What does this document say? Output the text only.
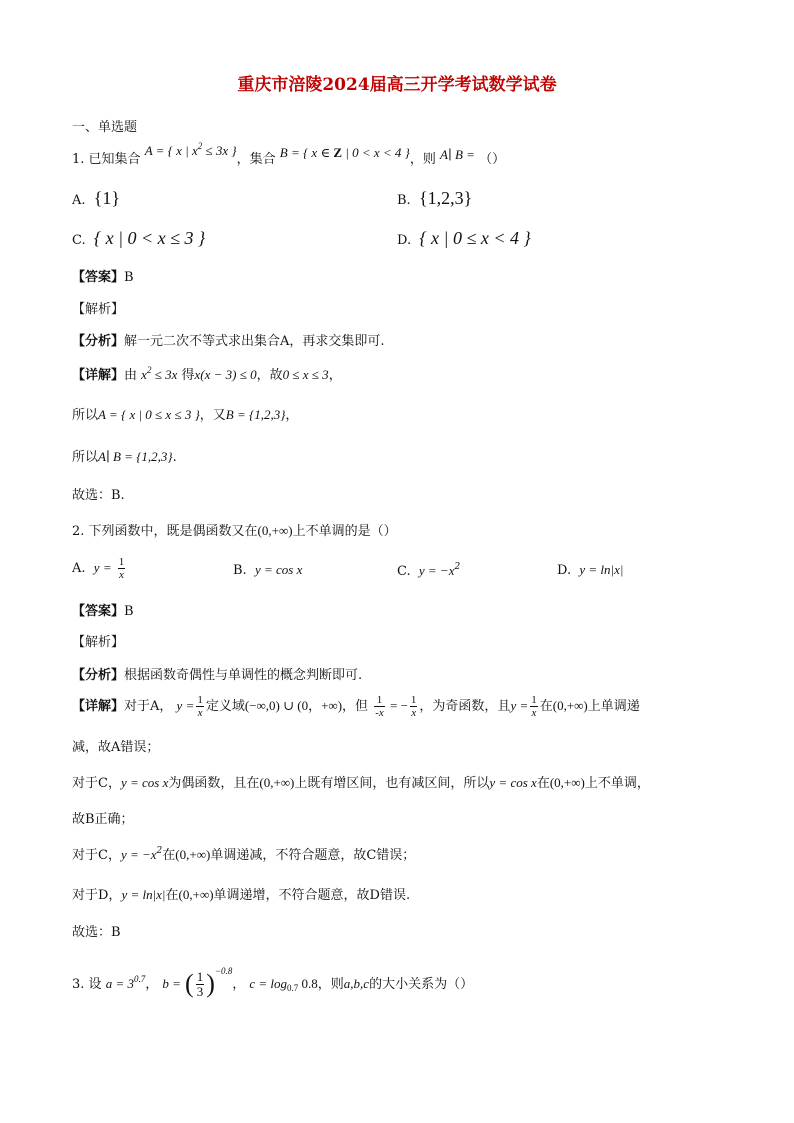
重庆市涪陵2024届高三开学考试数学试卷
一、单选题
1. 已知集合 A = { x | $x^2 \le 3x$ }，集合 B = { x ∈ Z | 0 < x < 4 }，则 A∣ B = （）
A. {1}	B. {1,2,3}
C. { x | 0 < x ≤ 3 }	D. { x | 0 ≤ x < 4 }
【答案】B
【解析】
【分析】解一元二次不等式求出集合A，再求交集即可.
【详解】由 $x^2 \le 3x$ 得x(x − 3) ≤ 0，故0 ≤ x ≤ 3，
所以A = { x | 0 ≤ x ≤ 3 }，又B = {1,2,3}，
所以A∣ B = {1,2,3}.
故选：B.
2. 下列函数中，既是偶函数又在(0,+∞)上不单调的是（）
A. $y = \frac{1}{x}$	B. y = cos x	C. $y = -x^2$	D. y = ln|x|
【答案】B
【解析】
【分析】根据函数奇偶性与单调性的概念判断即可.
【详解】对于A， $y = \frac{1}{x}$ 定义域(−∞,0) ∪ (0，+∞)，但 $\frac{1}{-x}$ = − $\frac{1}{x}$ ，为奇函数，且$y = \frac{1}{x}$ 在(0,+∞)上单调递
减，故A错误；
对于C，y = cos x为偶函数，且在(0,+∞)上既有增区间，也有减区间，所以y = cos x在(0,+∞)上不单调，
故B正确；
对于C，$y = -x^2$在(0,+∞)单调递减，不符合题意，故C错误；
对于D，y = ln|x|在(0,+∞)单调递增，不符合题意，故D错误.
故选：B
3. 设 $a = 3^{0.7}$， b = ( $\frac{1}{3} )^{-0.8}$， $c = \log_{0.7} 0.8$，则a,b,c的大小关系为（）
